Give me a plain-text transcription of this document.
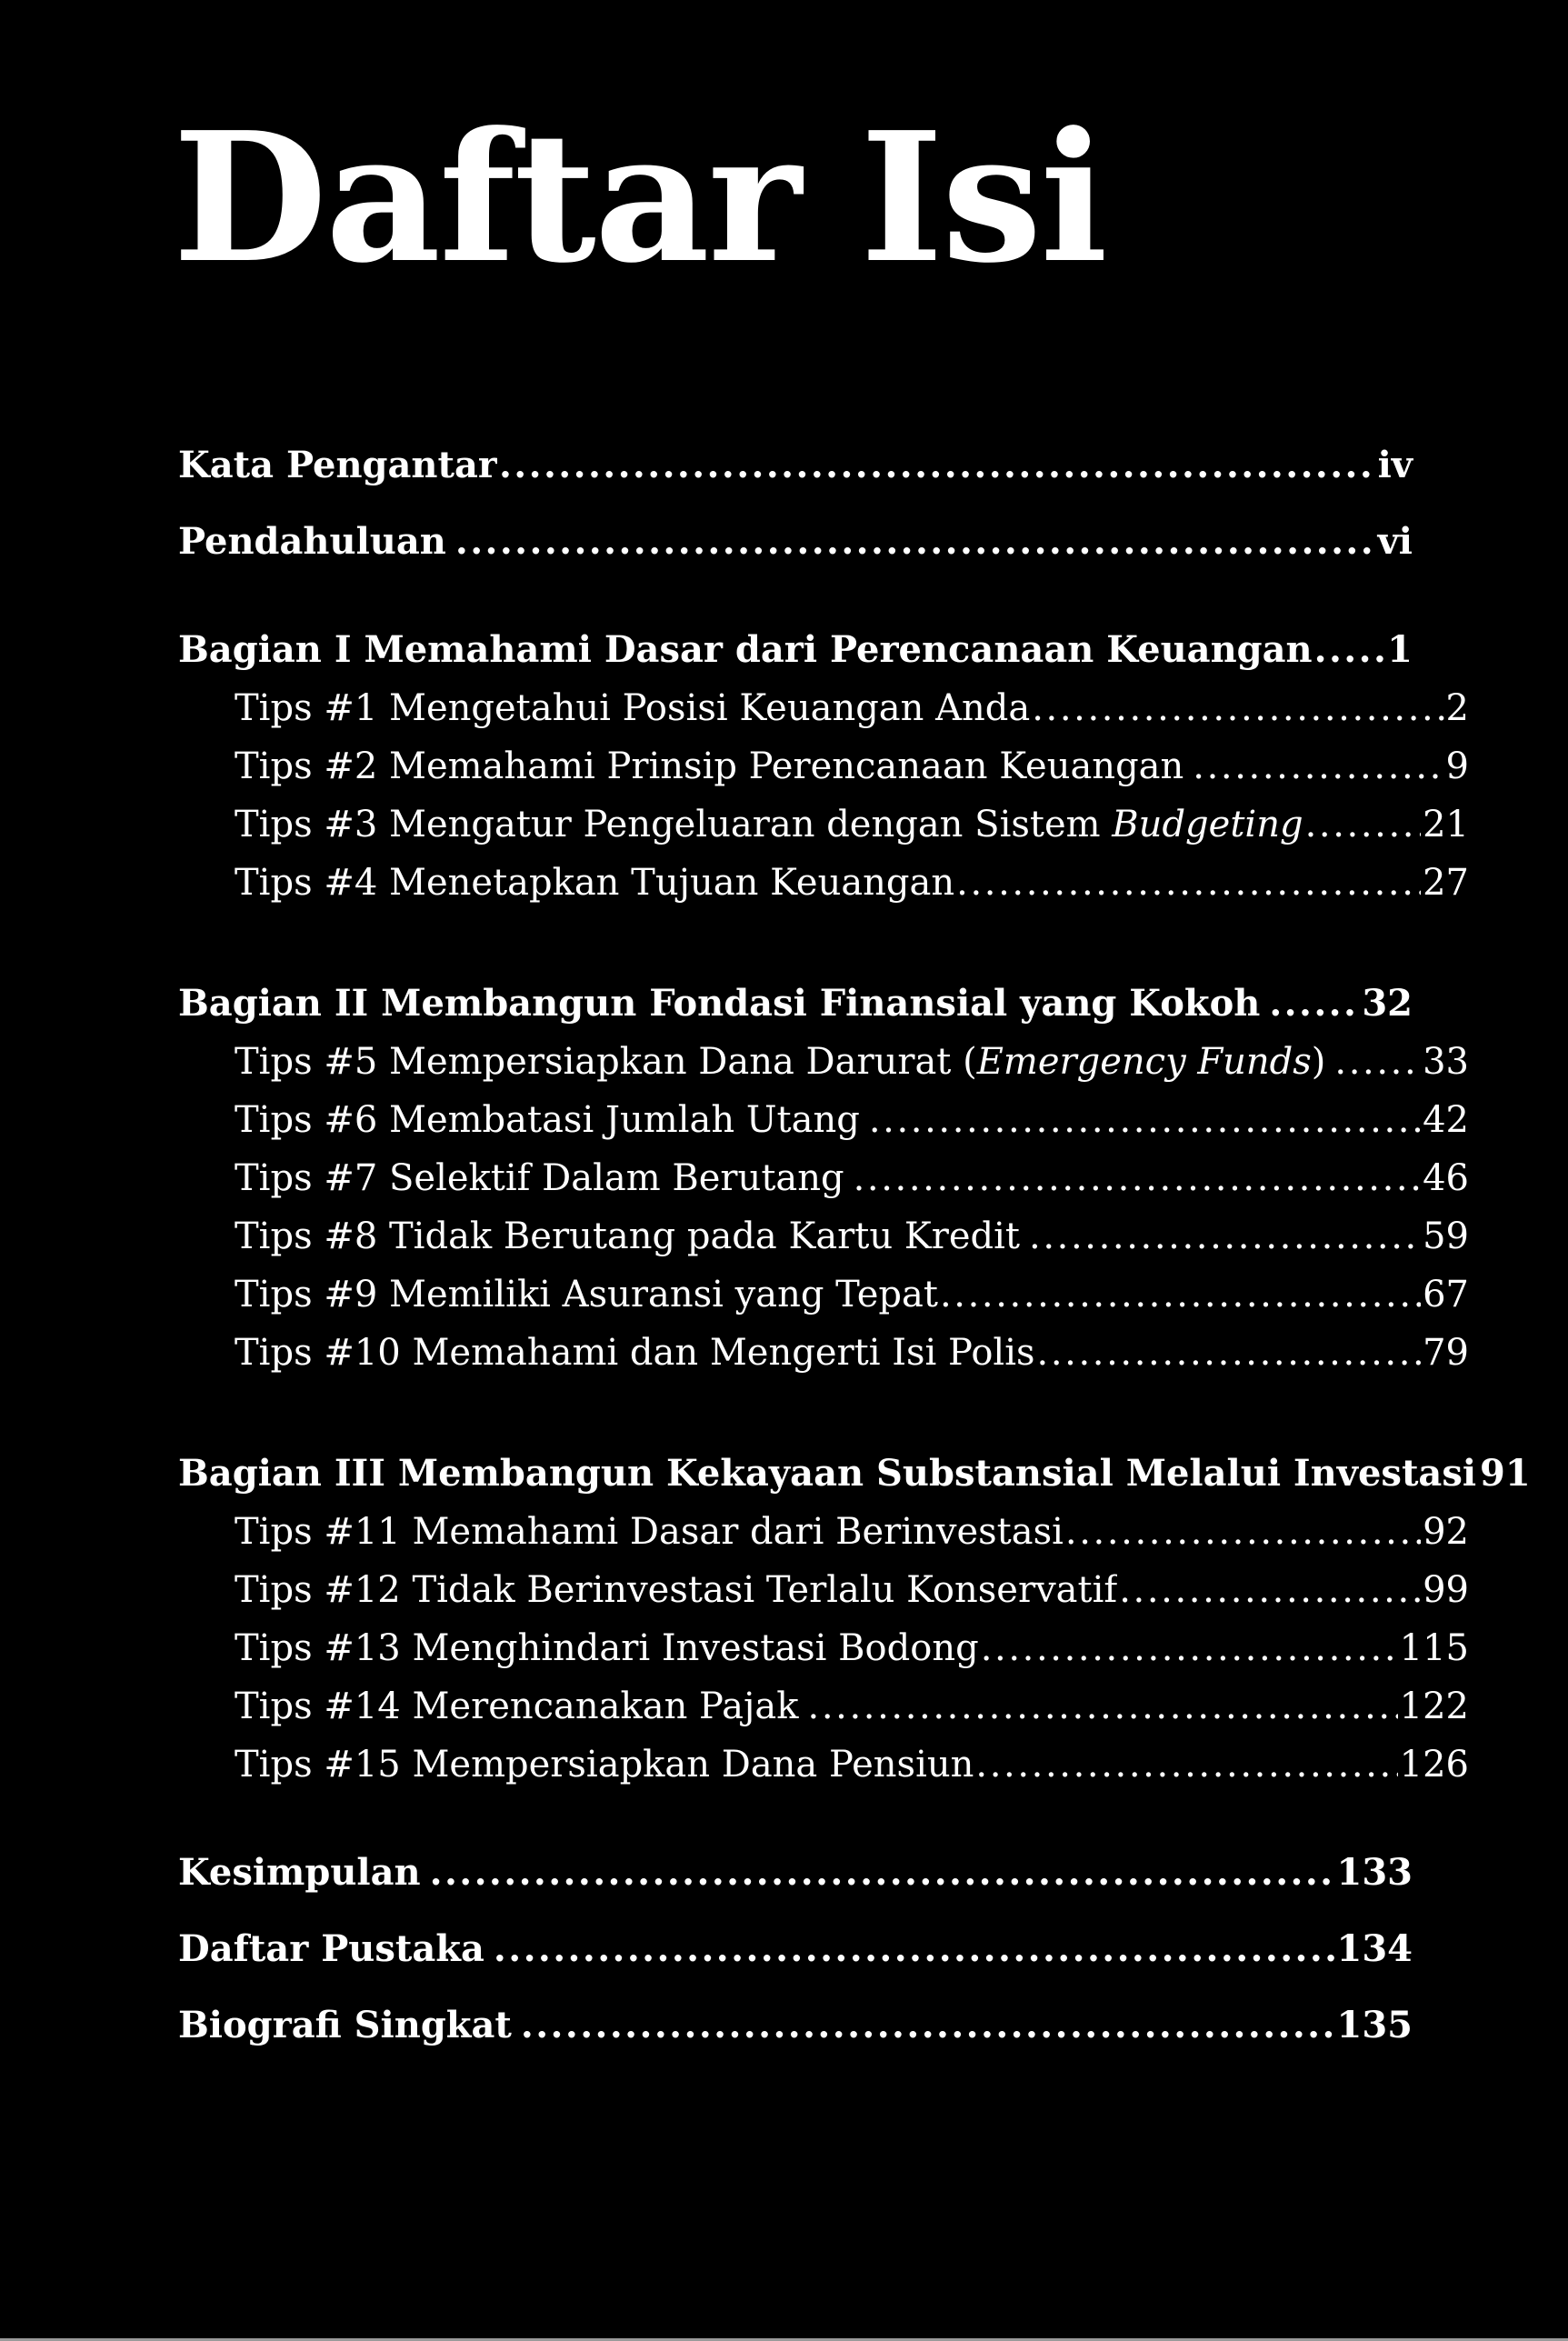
Daftar Isi
Kata Pengantar .....	iv
Pendahuluan .....	vi
Bagian I Memahami Dasar dari Perencanaan Keuangan ..... 1
Tips #1 Mengetahui Posisi Keuangan Anda .....	2
Tips #2 Memahami Prinsip Perencanaan Keuangan .....	9
Tips #3 Mengatur Pengeluaran dengan Sistem Budgeting .....	21
Tips #4 Menetapkan Tujuan Keuangan .....	27
Bagian II Membangun Fondasi Finansial yang Kokoh .....	32
Tips #5 Mempersiapkan Dana Darurat (Emergency Funds) .....	33
Tips #6 Membatasi Jumlah Utang .....	42
Tips #7 Selektif Dalam Berutang .....	46
Tips #8 Tidak Berutang pada Kartu Kredit .....	59
Tips #9 Memiliki Asuransi yang Tepat .....	67
Tips #10 Memahami dan Mengerti Isi Polis .....	79
Bagian III Membangun Kekayaan Substansial Melalui Investasi 91
Tips #11 Memahami Dasar dari Berinvestasi .....	92
Tips #12 Tidak Berinvestasi Terlalu Konservatif .....	99
Tips #13 Menghindari Investasi Bodong .....	115
Tips #14 Merencanakan Pajak .....	122
Tips #15 Mempersiapkan Dana Pensiun .....	126
Kesimpulan .....	133
Daftar Pustaka .....	134
Biografi Singkat .....	135
